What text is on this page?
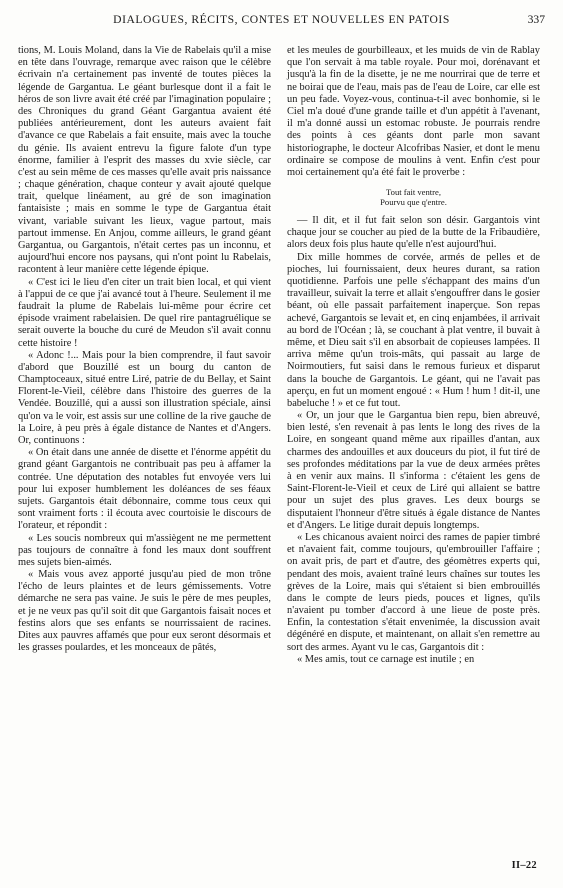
DIALOGUES, RÉCITS, CONTES ET NOUVELLES EN PATOIS	337

tions, M. Louis Moland, dans la Vie de Rabelais qu'il a mise en tête dans l'ouvrage, remarque avec raison que le célèbre écrivain n'a certainement pas inventé de toutes pièces la légende de Gargantua. Le géant burlesque dont il a fait le héros de son livre avait été créé par l'imagination populaire ; des Chroniques du grand Géant Gargantua avaient été publiées antérieurement, dont les auteurs avaient fait d'avance ce que Rabelais a fait ensuite, mais avec la touche du génie. Ils avaient entrevu la figure falote d'un type énorme, familier à l'esprit des masses du xvie siècle, car c'est au sein même de ces masses qu'elle avait pris naissance ; chaque génération, chaque conteur y avait ajouté quelque trait, quelque linéament, au gré de son imagination fantaisiste ; mais en somme le type de Gargantua était vivant, variable suivant les lieux, vague partout, mais partout immense. En Anjou, comme ailleurs, le grand géant Gargantua, ou Gargantois, n'était certes pas un inconnu, et aujourd'hui encore nos paysans, qui n'ont point lu Rabelais, racontent à leur manière cette légende épique.

« C'est ici le lieu d'en citer un trait bien local, et qui vient à l'appui de ce que j'ai avancé tout à l'heure. Seulement il me faudrait la plume de Rabelais lui-même pour écrire cet épisode vraiment rabelaisien. De quel rire pantagruélique se serait ouverte la bouche du curé de Meudon s'il avait connu cette histoire !

« Adonc !... Mais pour la bien comprendre, il faut savoir d'abord que Bouzillé est un bourg du canton de Champtoceaux, situé entre Liré, patrie de du Bellay, et Saint Florent-le-Vieil, célèbre dans l'histoire des guerres de la Vendée. Bouzillé, qui a aussi son illustration spéciale, ainsi qu'on va le voir, est assis sur une colline de la rive gauche de la Loire, à peu près à égale distance de Nantes et d'Angers. Or, continuons :

« On était dans une année de disette et l'énorme appétit du grand géant Gargantois ne contribuait pas peu à affamer la contrée. Une députation des notables fut envoyée vers lui pour lui exposer humblement les doléances de ses féaux sujets. Gargantois était débonnaire, comme tous ceux qui sont vraiment forts : il écouta avec courtoisie le discours de l'orateur, et répondit :

« Les soucis nombreux qui m'assiègent ne me permettent pas toujours de connaître à fond les maux dont souffrent mes sujets bien-aimés.

« Mais vous avez apporté jusqu'au pied de mon trône l'écho de leurs plaintes et de leurs gémissements. Votre démarche ne sera pas vaine. Je suis le père de mes peuples, et je ne veux pas qu'il soit dit que Gargantois faisait noces et festins alors que ses enfants se nourrissaient de racines. Dites aux pauvres affamés que pour eux seront désormais et les grasses poulardes, et les monceaux de pâtés,

et les meules de gourbilleaux, et les muids de vin de Rablay que l'on servait à ma table royale. Pour moi, dorénavant et jusqu'à la fin de la disette, je ne me nourrirai que de terre et ne boirai que de l'eau, mais pas de l'eau de Loire, car elle est un peu fade. Voyez-vous, continua-t-il avec bonhomie, si le Ciel m'a doué d'une grande taille et d'un appétit à l'avenant, il m'a donné aussi un estomac robuste. Je pourrais rendre des points à ces géants dont parle mon savant historiographe, le docteur Alcofribas Nasier, et dont le menu ordinaire se compose de moulins à vent. Enfin c'est pour moi certainement qu'a été fait le proverbe :

Tout fait ventre,
Pourvu que q'entre.

— Il dit, et il fut fait selon son désir. Gargantois vint chaque jour se coucher au pied de la butte de la Fribaudière, alors deux fois plus haute qu'elle n'est aujourd'hui.

Dix mille hommes de corvée, armés de pelles et de pioches, lui fournissaient, deux heures durant, sa ration quotidienne. Parfois une pelle s'échappant des mains d'un travailleur, suivait la terre et allait s'engouffrer dans le gosier béant, où elle passait parfaitement inaperçue. Son repas achevé, Gargantois se levait et, en cinq enjambées, il arrivait au bord de l'Océan ; là, se couchant à plat ventre, il buvait à même, et Dieu sait s'il en absorbait de copieuses lampées. Il arriva même qu'un trois-mâts, qui passait au large de Noirmoutiers, fut saisi dans le remous furieux et disparut dans la bouche de Gargantois. Le géant, qui ne l'avait pas aperçu, en fut un moment engoué : « Hum ! hum ! dit-il, une babeluche ! » et ce fut tout.

« Or, un jour que le Gargantua bien repu, bien abreuvé, bien lesté, s'en revenait à pas lents le long des rives de la Loire, en songeant quand même aux ripailles d'antan, aux charmes des andouilles et aux douceurs du piot, il fut tiré de ses profondes méditations par la vue de deux armées prêtes à en venir aux mains. Il s'informa : c'étaient les gens de Saint-Florent-le-Vieil et ceux de Liré qui allaient se battre pour un sujet des plus graves. Les deux bourgs se disputaient l'honneur d'être situés à égale distance de Nantes et d'Angers. Le litige durait depuis longtemps.

« Les chicanous avaient noirci des rames de papier timbré et n'avaient fait, comme toujours, qu'embrouiller l'affaire ; on avait pris, de part et d'autre, des géomètres experts qui, pendant des mois, avaient traîné leurs chaînes sur toutes les grèves de la Loire, mais qui s'étaient si bien embrouillés dans le compte de leurs pieds, pouces et lignes, qu'ils n'avaient pu tomber d'accord à une lieue de poste près. Enfin, la contestation s'était envenimée, la discussion avait dégénéré en dispute, et maintenant, on allait s'en remettre au sort des armes. Ayant vu le cas, Gargantois dit :

« Mes amis, tout ce carnage est inutile ; en

II–22
